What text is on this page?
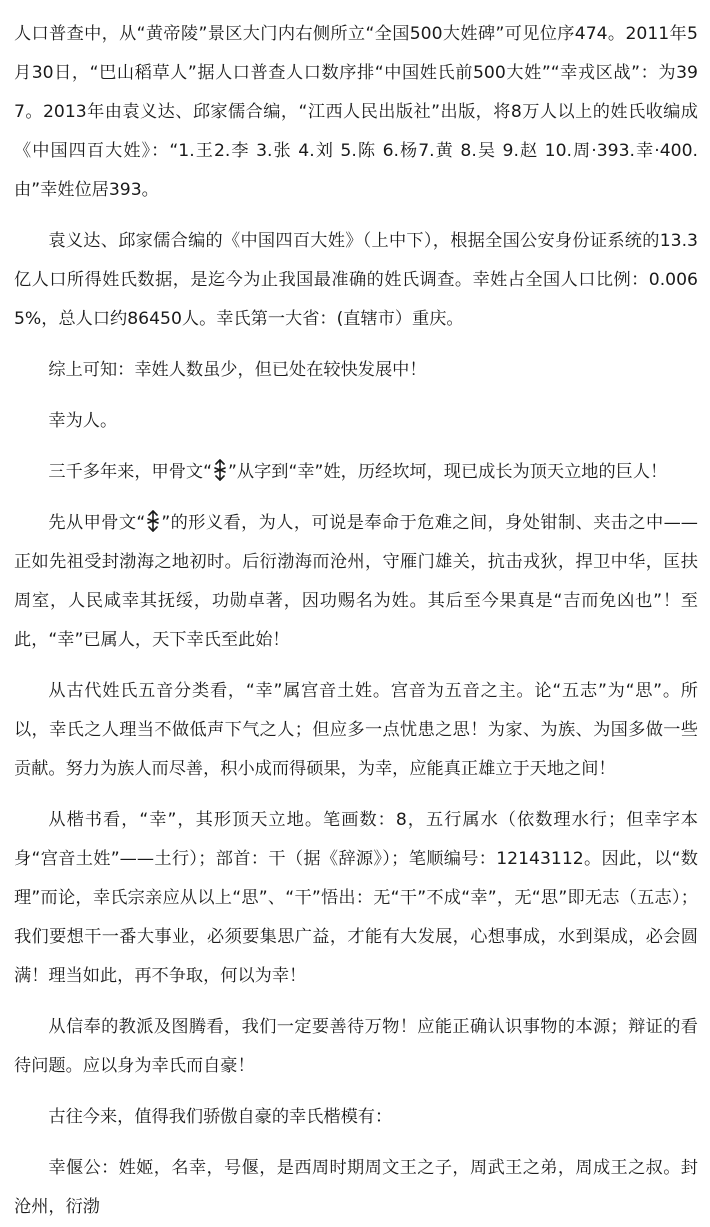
人口普查中，从“黄帝陵”景区大门内右侧所立“全国500大姓碑”可见位序474。2011年5月30日，“巴山稻草人”据人口普查人口数序排“中国姓氏前500大姓”“幸戎区战”：为397。2013年由袁义达、邱家儒合编，“江西人民出版社”出版，将8万人以上的姓氏收编成《中国四百大姓》：“1.王2.李 3.张 4.刘 5.陈 6.杨7.黄 8.吴 9.赵 10.周·393.幸·400.由”幸姓位居393。

袁义达、邱家儒合编的《中国四百大姓》（上中下），根据全国公安身份证系统的13.3亿人口所得姓氏数据，是迄今为止我国最准确的姓氏调查。幸姓占全国人口比例：0.0065%，总人口约86450人。幸氏第一大省：(直辖市）重庆。

综上可知：幸姓人数虽少，但已处在较快发展中！

幸为人。

三千多年来，甲骨文“ ”从字到“幸”姓，历经坎坷，现已成长为顶天立地的巨人！

先从甲骨文“ ”的形义看，为人，可说是奉命于危难之间，身处钳制、夹击之中——正如先祖受封渤海之地初时。后衍渤海而沧州，守雁门雄关，抗击戎狄，捍卫中华，匡扶周室，人民咸幸其抚绥，功勋卓著，因功赐名为姓。其后至今果真是“吉而免凶也”！至此，“幸”已属人，天下幸氏至此始！

从古代姓氏五音分类看，“幸”属宫音土姓。宫音为五音之主。论“五志”为“思”。所以，幸氏之人理当不做低声下气之人；但应多一点忧患之思！为家、为族、为国多做一些贡献。努力为族人而尽善，积小成而得硕果，为幸，应能真正雄立于天地之间！

从楷书看，“幸”，其形顶天立地。笔画数：8，五行属水（依数理水行；但幸字本身“宫音土姓”——土行）；部首：干（据《辞源》）；笔顺编号：12143112。因此，以“数理”而论，幸氏宗亲应从以上“思”、“干”悟出：无“干”不成“幸”，无“思”即无志（五志）；我们要想干一番大事业，必须要集思广益，才能有大发展，心想事成，水到渠成，必会圆满！理当如此，再不争取，何以为幸！

从信奉的教派及图腾看，我们一定要善待万物！应能正确认识事物的本源；辩证的看待问题。应以身为幸氏而自豪！

古往今来，值得我们骄傲自豪的幸氏楷模有：

幸偃公：姓姬，名幸，号偃，是西周时期周文王之子，周武王之弟，周成王之叔。封沧州，衍渤
